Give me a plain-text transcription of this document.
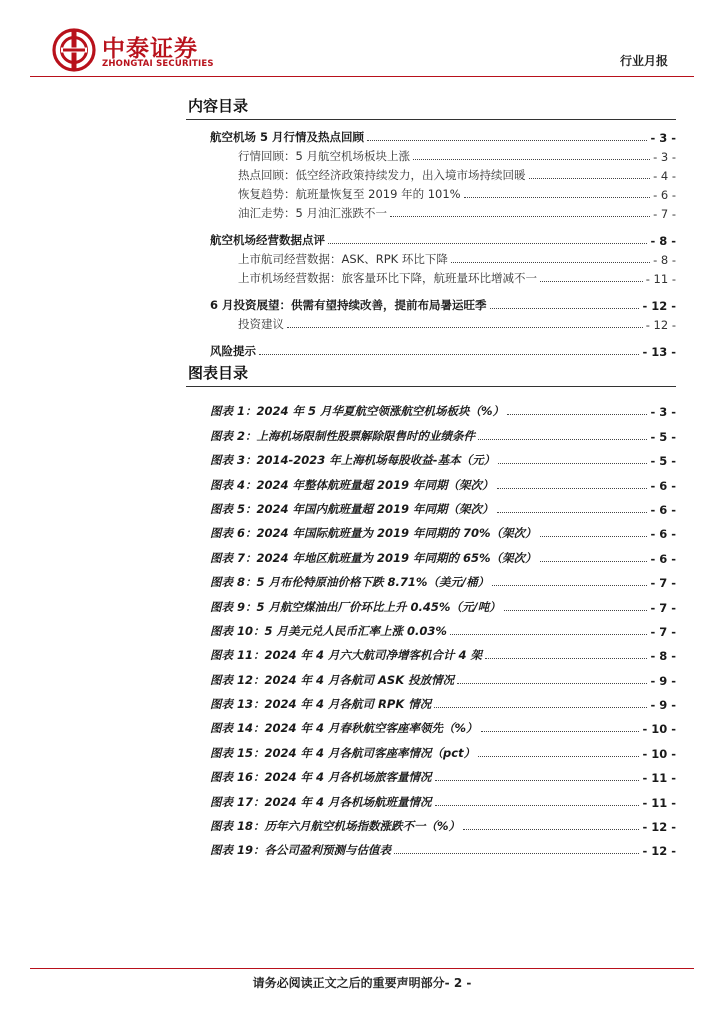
中泰证券
ZHONGTAI SECURITIES	行业月报
内容目录
航空机场 5 月行情及热点回顾	- 3 -
行情回顾：5 月航空机场板块上涨	- 3 -
热点回顾：低空经济政策持续发力，出入境市场持续回暖	- 4 -
恢复趋势：航班量恢复至 2019 年的 101%	- 6 -
油汇走势：5 月油汇涨跌不一	- 7 -
航空机场经营数据点评	- 8 -
上市航司经营数据：ASK、RPK 环比下降	- 8 -
上市机场经营数据：旅客量环比下降，航班量环比增减不一	- 11 -
6 月投资展望：供需有望持续改善，提前布局暑运旺季	- 12 -
投资建议	- 12 -
风险提示	- 13 -
图表目录
图表 1：2024 年 5 月华夏航空领涨航空机场板块（%）	- 3 -
图表 2：上海机场限制性股票解除限售时的业绩条件	- 5 -
图表 3：2014-2023 年上海机场每股收益-基本（元）	- 5 -
图表 4：2024 年整体航班量超 2019 年同期（架次）	- 6 -
图表 5：2024 年国内航班量超 2019 年同期（架次）	- 6 -
图表 6：2024 年国际航班量为 2019 年同期的 70%（架次）	- 6 -
图表 7：2024 年地区航班量为 2019 年同期的 65%（架次）	- 6 -
图表 8：5 月布伦特原油价格下跌 8.71%（美元/桶）	- 7 -
图表 9：5 月航空煤油出厂价环比上升 0.45%（元/吨）	- 7 -
图表 10：5 月美元兑人民币汇率上涨 0.03%	- 7 -
图表 11：2024 年 4 月六大航司净增客机合计 4 架	- 8 -
图表 12：2024 年 4 月各航司 ASK 投放情况	- 9 -
图表 13：2024 年 4 月各航司 RPK 情况	- 9 -
图表 14：2024 年 4 月春秋航空客座率领先（%）	- 10 -
图表 15：2024 年 4 月各航司客座率情况（pct）	- 10 -
图表 16：2024 年 4 月各机场旅客量情况	- 11 -
图表 17：2024 年 4 月各机场航班量情况	- 11 -
图表 18：历年六月航空机场指数涨跌不一（%）	- 12 -
图表 19：各公司盈利预测与估值表	- 12 -
请务必阅读正文之后的重要声明部分- 2 -
